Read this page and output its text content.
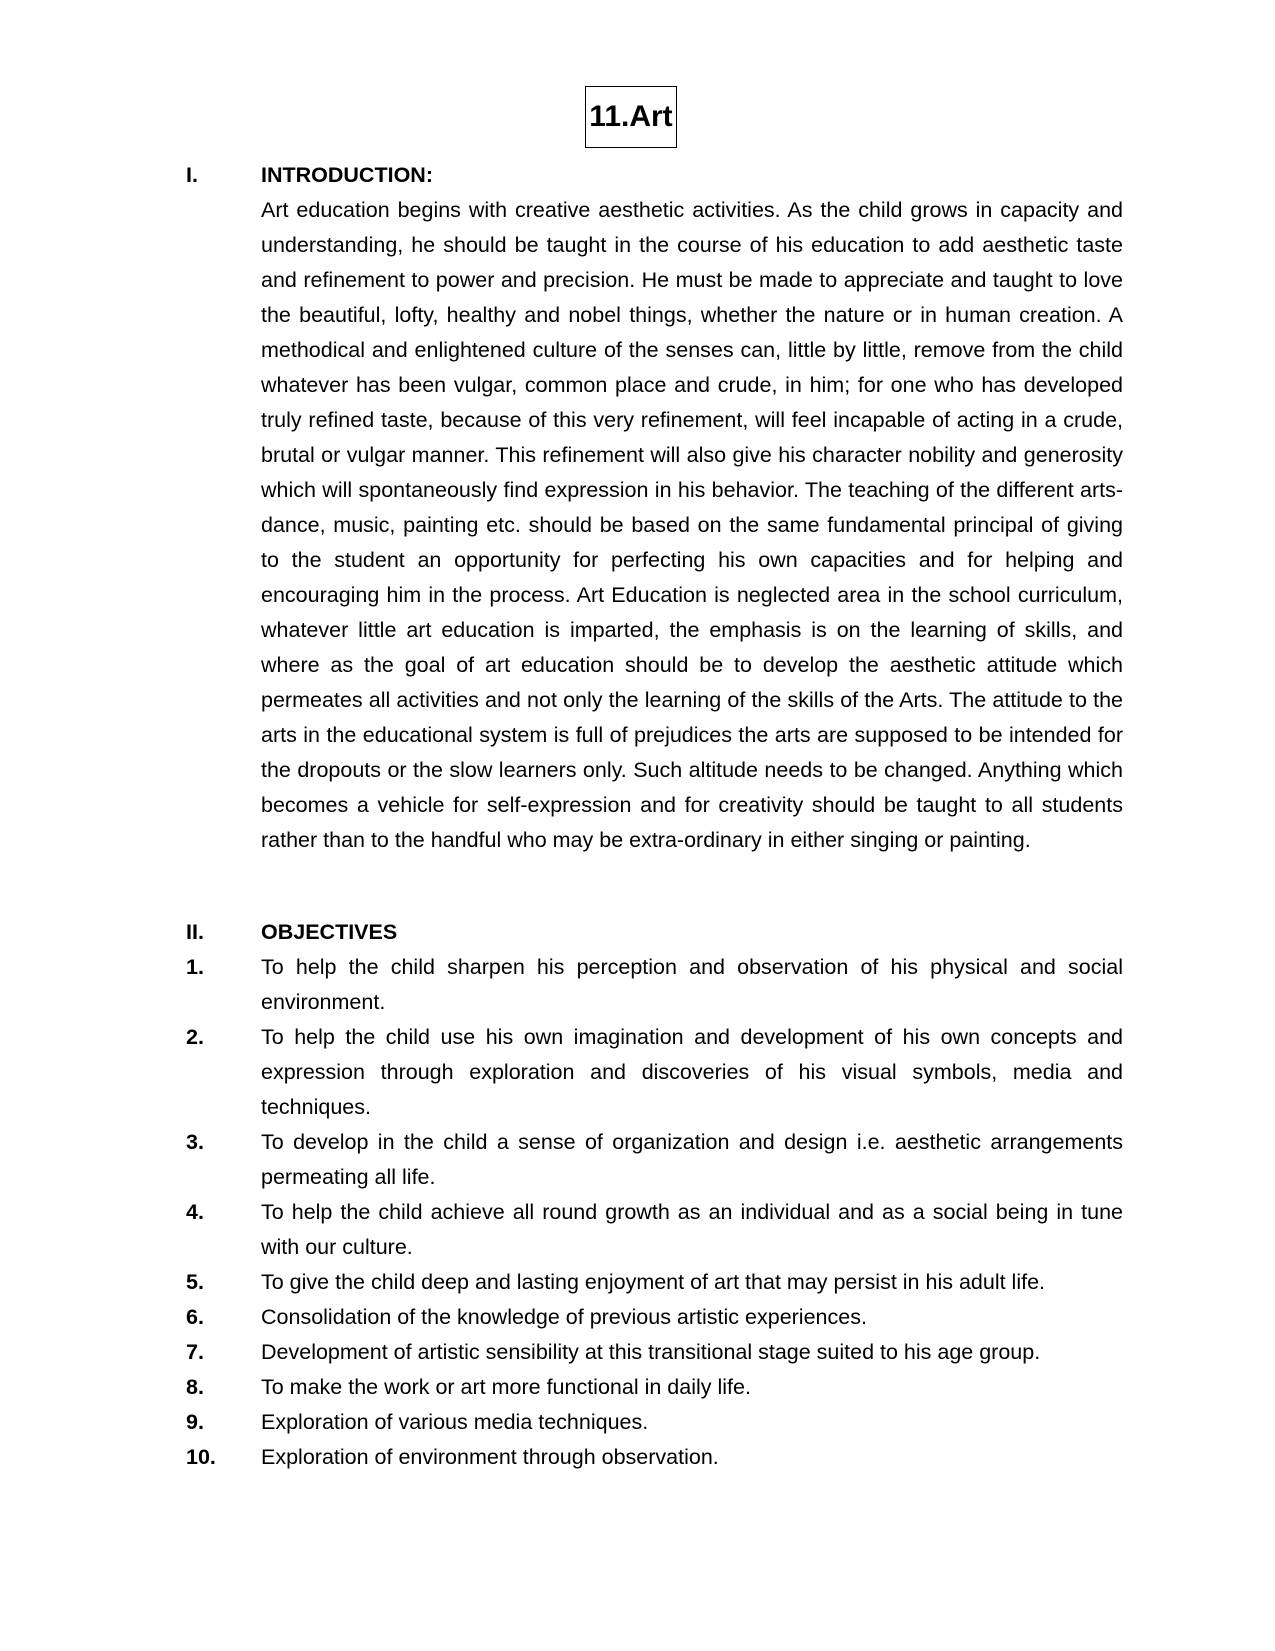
11.Art
I.	INTRODUCTION:
Art education begins with creative aesthetic activities. As the child grows in capacity and understanding, he should be taught in the course of his education to add aesthetic taste and refinement to power and precision. He must be made to appreciate and taught to love the beautiful, lofty, healthy and nobel things, whether the nature or in human creation. A methodical and enlightened culture of the senses can, little by little, remove from the child whatever has been vulgar, common place and crude, in him; for one who has developed truly refined taste, because of this very refinement, will feel incapable of acting in a crude, brutal or vulgar manner. This refinement will also give his character nobility and generosity which will spontaneously find expression in his behavior. The teaching of the different arts-dance, music, painting etc. should be based on the same fundamental principal of giving to the student an opportunity for perfecting his own capacities and for helping and encouraging him in the process. Art Education is neglected area in the school curriculum, whatever little art education is imparted, the emphasis is on the learning of skills, and where as the goal of art education should be to develop the aesthetic attitude which permeates all activities and not only the learning of the skills of the Arts. The attitude to the arts in the educational system is full of prejudices the arts are supposed to be intended for the dropouts or the slow learners only. Such altitude needs to be changed. Anything which becomes a vehicle for self-expression and for creativity should be taught to all students rather than to the handful who may be extra-ordinary in either singing or painting.
II.	OBJECTIVES
1.	To help the child sharpen his perception and observation of his physical and social environment.
2.	To help the child use his own imagination and development of his own concepts and expression through exploration and discoveries of his visual symbols, media and techniques.
3.	To develop in the child a sense of organization and design i.e. aesthetic arrangements permeating all life.
4.	To help the child achieve all round growth as an individual and as a social being in tune with our culture.
5.	To give the child deep and lasting enjoyment of art that may persist in his adult life.
6.	Consolidation of the knowledge of previous artistic experiences.
7.	Development of artistic sensibility at this transitional stage suited to his age group.
8.	To make the work or art more functional in daily life.
9.	Exploration of various media techniques.
10. Exploration of environment through observation.
